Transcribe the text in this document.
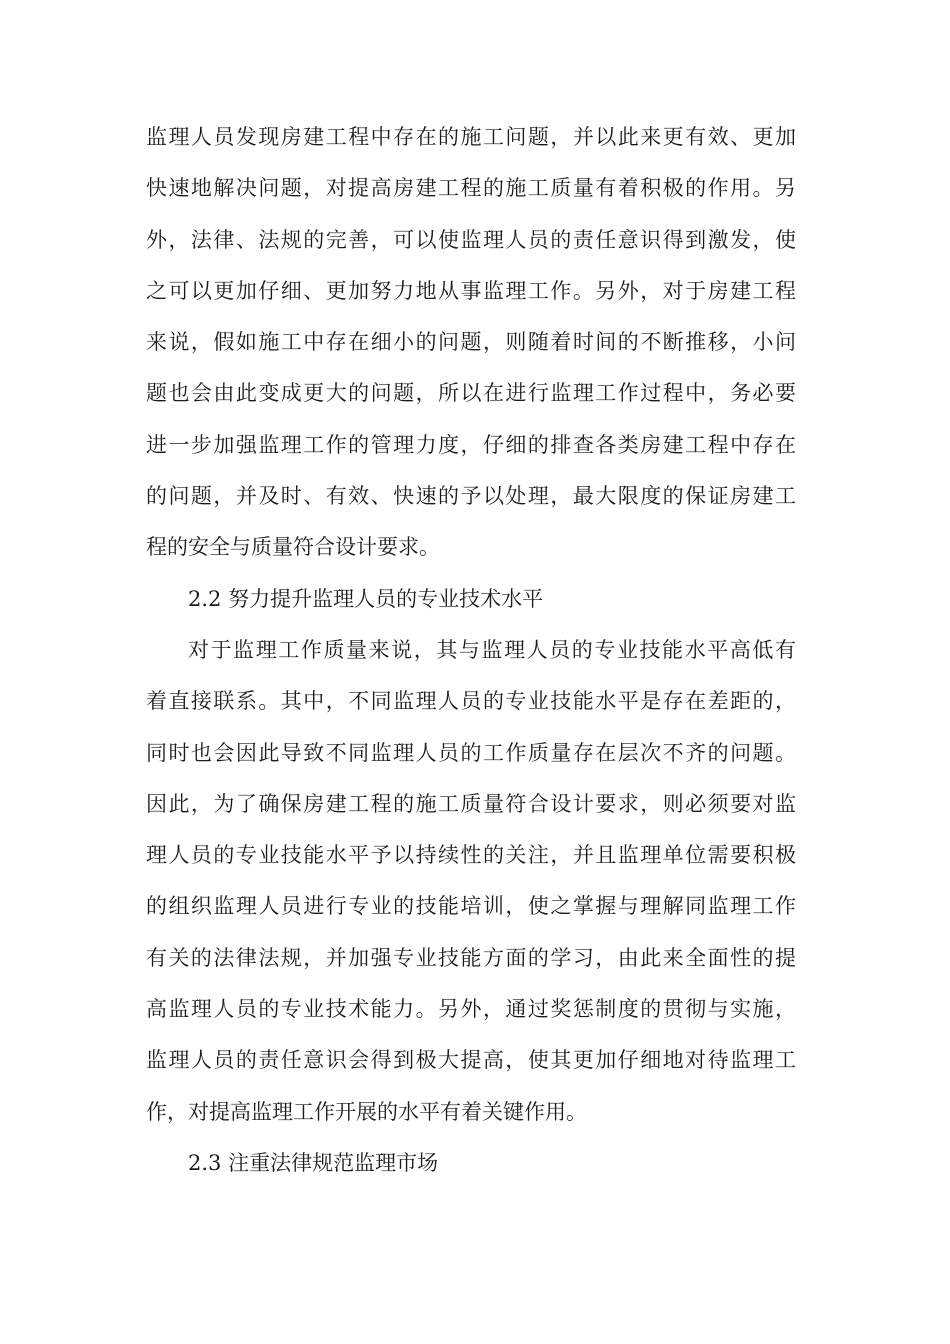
监理人员发现房建工程中存在的施工问题，并以此来更有效、更加
快速地解决问题，对提高房建工程的施工质量有着积极的作用。另
外，法律、法规的完善，可以使监理人员的责任意识得到激发，使
之可以更加仔细、更加努力地从事监理工作。另外，对于房建工程
来说，假如施工中存在细小的问题，则随着时间的不断推移，小问
题也会由此变成更大的问题，所以在进行监理工作过程中，务必要
进一步加强监理工作的管理力度，仔细的排查各类房建工程中存在
的问题，并及时、有效、快速的予以处理，最大限度的保证房建工
程的安全与质量符合设计要求。
2.2 努力提升监理人员的专业技术水平
对于监理工作质量来说，其与监理人员的专业技能水平高低有
着直接联系。其中，不同监理人员的专业技能水平是存在差距的，
同时也会因此导致不同监理人员的工作质量存在层次不齐的问题。
因此，为了确保房建工程的施工质量符合设计要求，则必须要对监
理人员的专业技能水平予以持续性的关注，并且监理单位需要积极
的组织监理人员进行专业的技能培训，使之掌握与理解同监理工作
有关的法律法规，并加强专业技能方面的学习，由此来全面性的提
高监理人员的专业技术能力。另外，通过奖惩制度的贯彻与实施，
监理人员的责任意识会得到极大提高，使其更加仔细地对待监理工
作，对提高监理工作开展的水平有着关键作用。
2.3 注重法律规范监理市场
